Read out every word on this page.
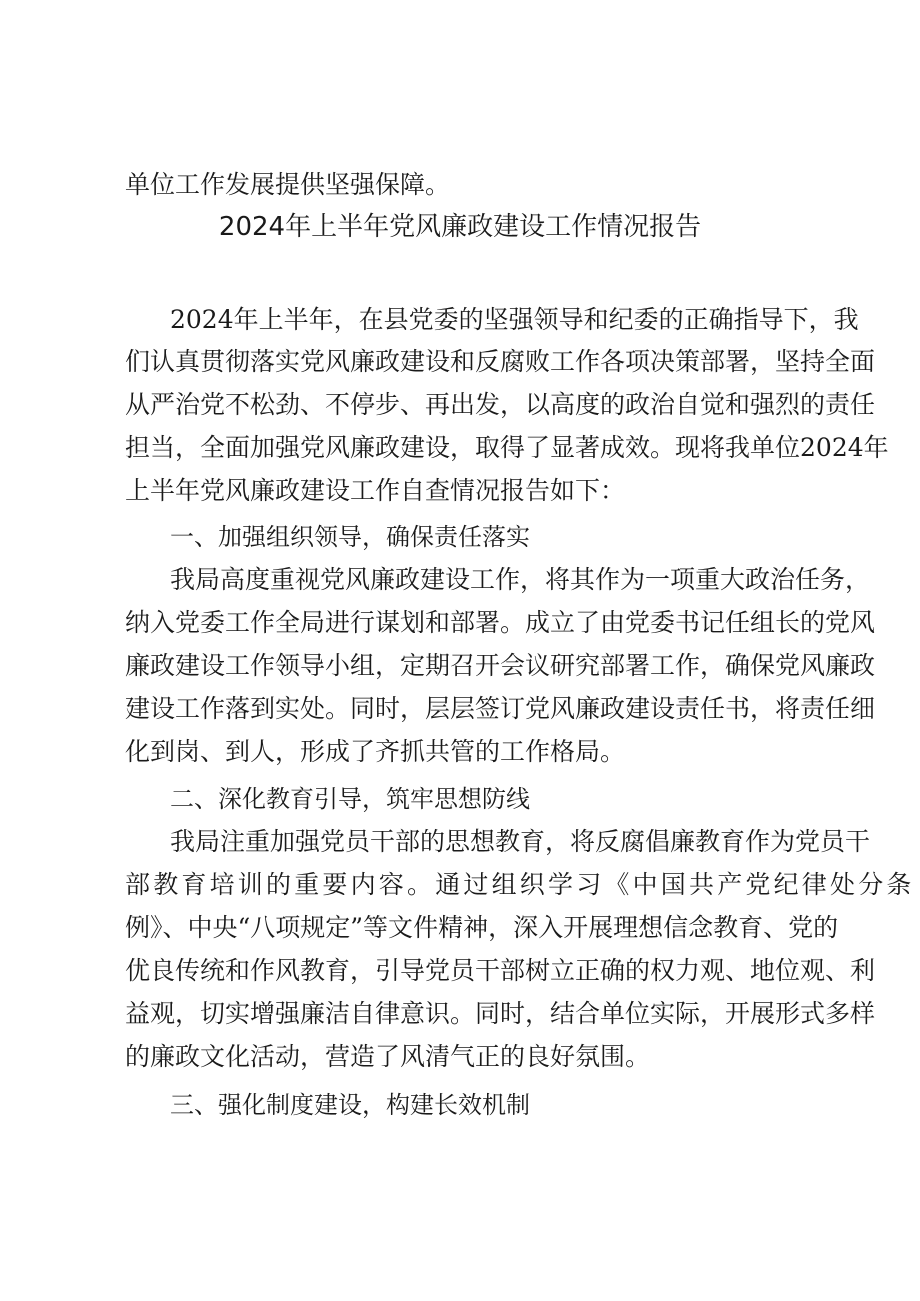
单位工作发展提供坚强保障。
2024年上半年党风廉政建设工作情况报告
2024年上半年，在县党委的坚强领导和纪委的正确指导下，我
们认真贯彻落实党风廉政建设和反腐败工作各项决策部署，坚持全面
从严治党不松劲、不停步、再出发，以高度的政治自觉和强烈的责任
担当，全面加强党风廉政建设，取得了显著成效。现将我单位2024年
上半年党风廉政建设工作自查情况报告如下：
一、加强组织领导，确保责任落实
我局高度重视党风廉政建设工作，将其作为一项重大政治任务，
纳入党委工作全局进行谋划和部署。成立了由党委书记任组长的党风
廉政建设工作领导小组，定期召开会议研究部署工作，确保党风廉政
建设工作落到实处。同时，层层签订党风廉政建设责任书，将责任细
化到岗、到人，形成了齐抓共管的工作格局。
二、深化教育引导，筑牢思想防线
我局注重加强党员干部的思想教育，将反腐倡廉教育作为党员干
部教育培训的重要内容。通过组织学习《中国共产党纪律处分条
例》、中央“八项规定”等文件精神，深入开展理想信念教育、党的
优良传统和作风教育，引导党员干部树立正确的权力观、地位观、利
益观，切实增强廉洁自律意识。同时，结合单位实际，开展形式多样
的廉政文化活动，营造了风清气正的良好氛围。
三、强化制度建设，构建长效机制
